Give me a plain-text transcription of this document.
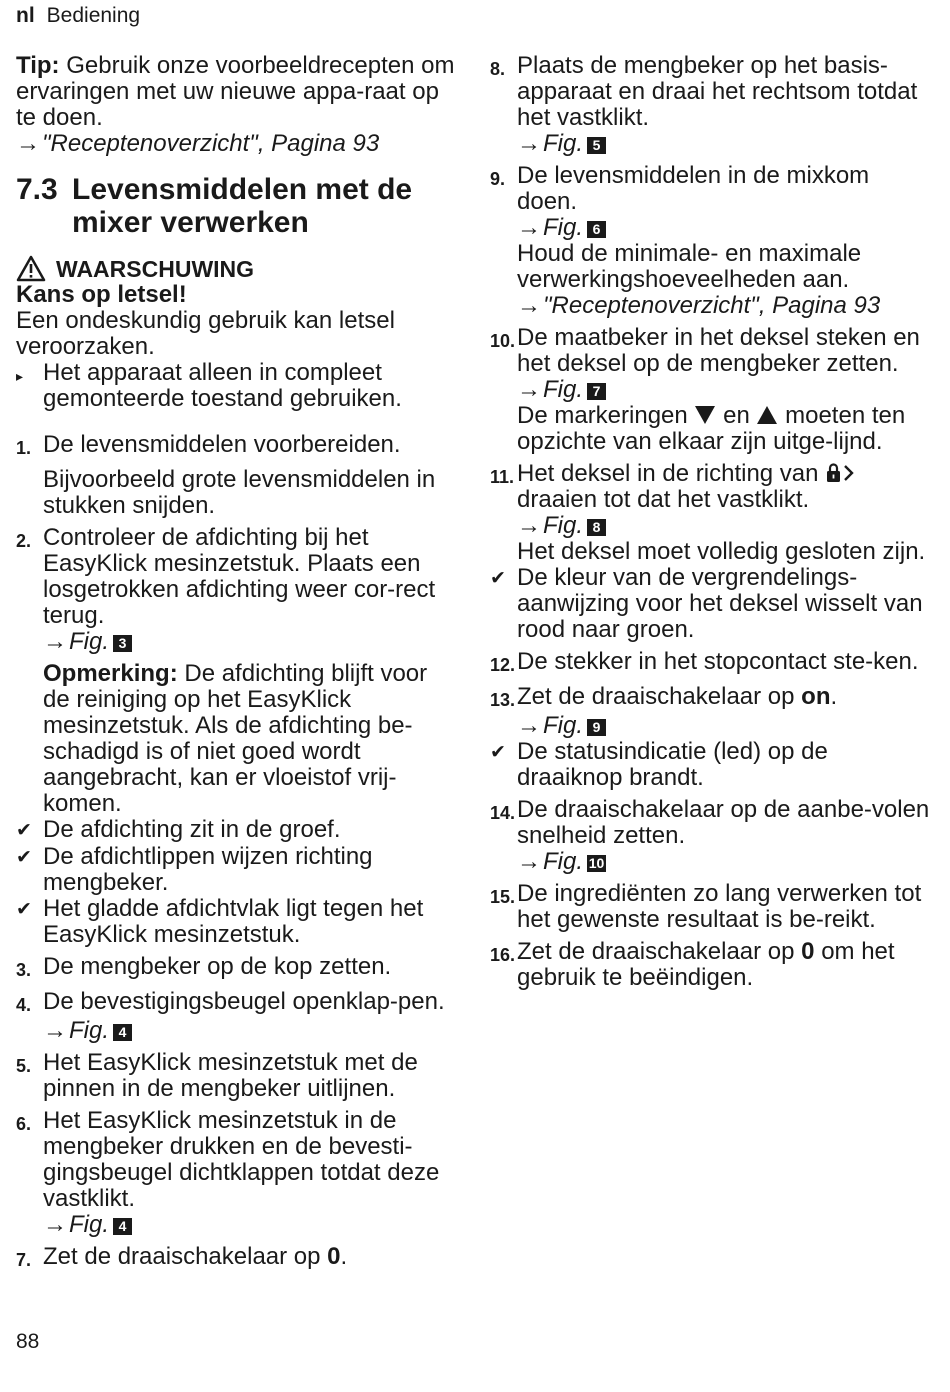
nl Bediening

Tip: Gebruik onze voorbeeldrecepten om ervaringen met uw nieuwe appa-raat op te doen.

→"Receptenoverzicht", Pagina 93

7.3 Levensmiddelen met de mixer verwerken
WAARSCHUWING

Kans op letsel!

Een ondeskundig gebruik kan letsel veroorzaken.

▸ Het apparaat alleen in compleet gemonteerde toestand gebruiken.
1. De levensmiddelen voorbereiden.

Bijvoorbeeld grote levensmiddelen in stukken snijden.

2. Controleer de afdichting bij het EasyKlick mesinzetstuk. Plaats een losgetrokken afdichting weer cor-rect terug.

→Fig. 3

Opmerking: De afdichting blijft voor de reiniging op het EasyKlick mesinzetstuk. Als de afdichting be-schadigd is of niet goed wordt aangebracht, kan er vloeistof vrij-komen.

✔ De afdichting zit in de groef.
✔ De afdichtlippen wijzen richting mengbeker.
✔ Het gladde afdichtvlak ligt tegen het EasyKlick mesinzetstuk.
3. De mengbeker op de kop zetten.
4. De bevestigingsbeugel openklap-pen.

→Fig. 4

5. Het EasyKlick mesinzetstuk met de pinnen in de mengbeker uitlijnen.
6. Het EasyKlick mesinzetstuk in de mengbeker drukken en de bevesti-gingsbeugel dichtklappen totdat deze vastklikt.

→Fig. 4

7. Zet de draaischakelaar op 0.
8. Plaats de mengbeker op het basis-apparaat en draai het rechtsom totdat het vastklikt.

→Fig. 5

9. De levensmiddelen in de mixkom doen.

→Fig. 6

Houd de minimale- en maximale verwerkingshoeveelheden aan.

→"Receptenoverzicht", Pagina 93

10. De maatbeker in het deksel steken en het deksel op de mengbeker zetten.

→Fig. 7

De markeringen  en  moeten ten opzichte van elkaar zijn uitge-lijnd.

11. Het deksel in de richting van
draaien tot dat het vastklikt.

→Fig. 8

Het deksel moet volledig gesloten zijn.

✔ De kleur van de vergrendelings-aanwijzing voor het deksel wisselt van rood naar groen.
12. De stekker in het stopcontact ste-ken.
13. Zet de draaischakelaar op on.

→Fig. 9

✔ De statusindicatie (led) op de draaiknop brandt.
14. De draaischakelaar op de aanbe-volen snelheid zetten.

→Fig. 10

15. De ingrediënten zo lang verwerken tot het gewenste resultaat is be-reikt.
16. Zet de draaischakelaar op 0 om het gebruik te beëindigen.
88
